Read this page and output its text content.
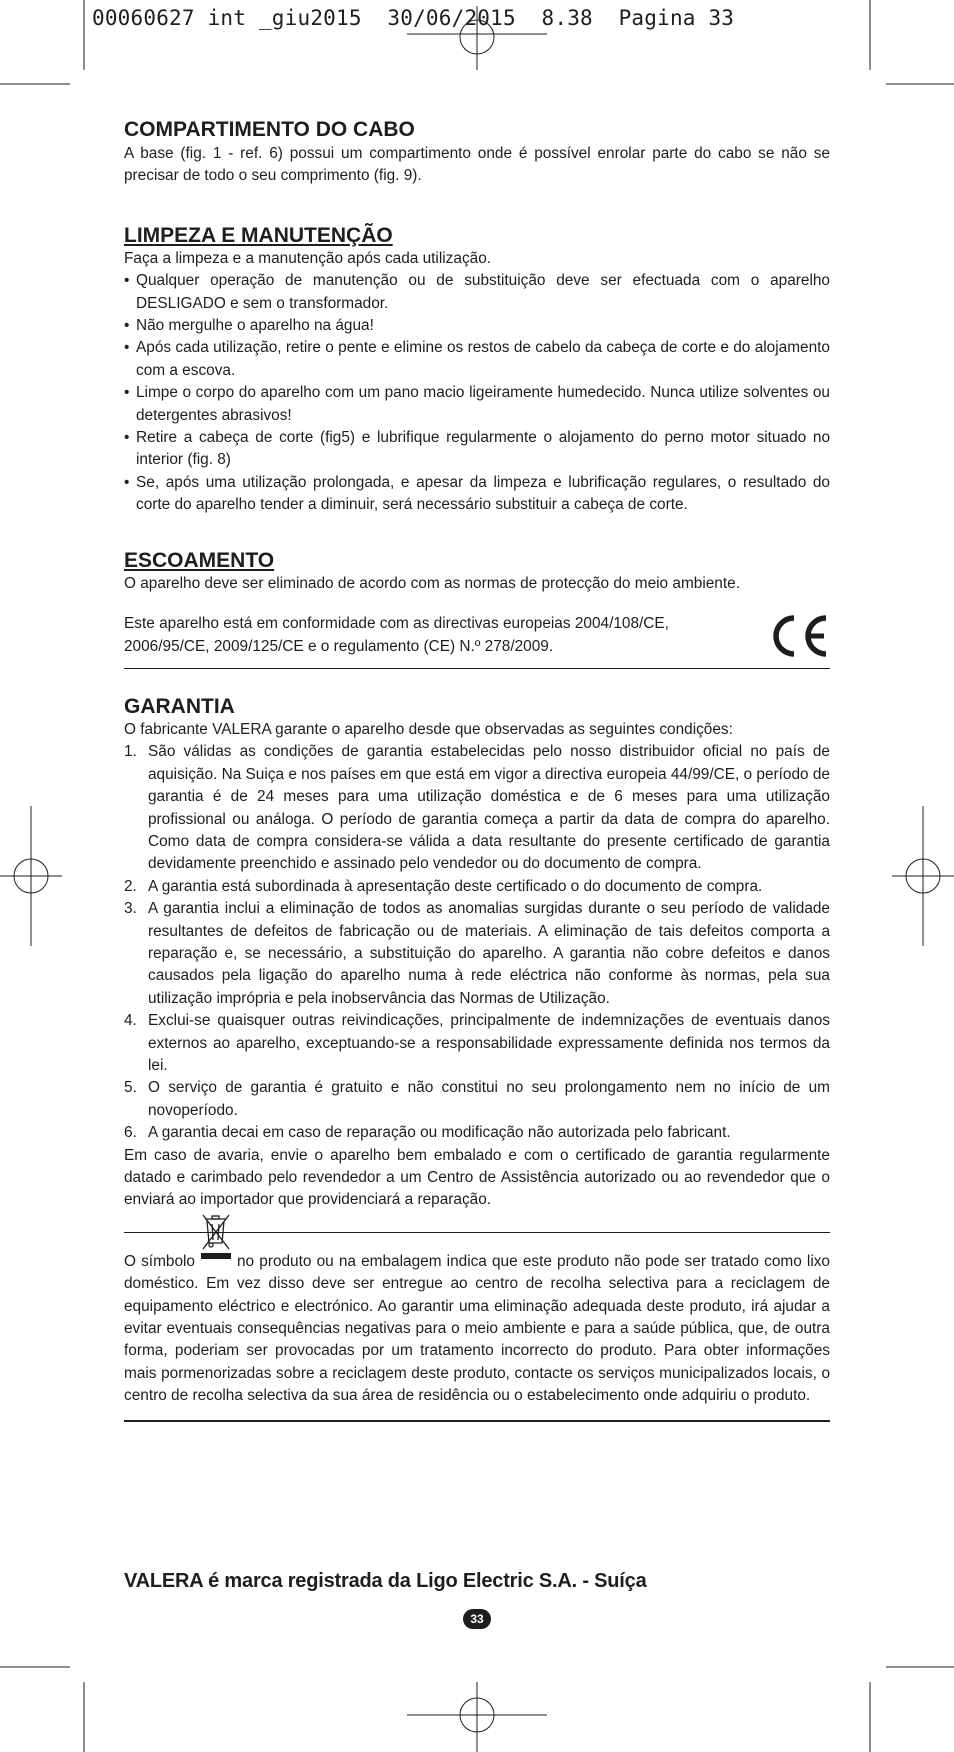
00060627 int _giu2015  30/06/2015  8.38  Pagina 33
COMPARTIMENTO DO CABO

A base (fig. 1 - ref. 6) possui um compartimento onde é possível enrolar parte do cabo se não se precisar de todo o seu comprimento (fig. 9).

LIMPEZA E MANUTENÇÃO

Faça a limpeza e a manutenção após cada utilização.

• Qualquer operação de manutenção ou de substituição deve ser efectuada com o aparelho DESLIGADO e sem o transformador.
• Não mergulhe o aparelho na água!
• Após cada utilização, retire o pente e elimine os restos de cabelo da cabeça de corte e do alojamento com a escova.
• Limpe o corpo do aparelho com um pano macio ligeiramente humedecido. Nunca utilize solventes ou detergentes abrasivos!
• Retire a cabeça de corte (fig5) e lubrifique regularmente o alojamento do perno motor situado no interior (fig. 8)
• Se, após uma utilização prolongada, e apesar da limpeza e lubrificação regulares, o resultado do corte do aparelho tender a diminuir, será necessário substituir a cabeça de corte.
ESCOAMENTO

O aparelho deve ser eliminado de acordo com as normas de protecção do meio ambiente.

Este aparelho está em conformidade com as directivas europeias 2004/108/CE,
2006/95/CE, 2009/125/CE e o regulamento (CE) N.º 278/2009.
GARANTIA

O fabricante VALERA garante o aparelho desde que observadas as seguintes condições:

1. São válidas as condições de garantia estabelecidas pelo nosso distribuidor oficial no país de aquisição. Na Suiça e nos países em que está em vigor a directiva europeia 44/99/CE, o período de garantia é de 24 meses para uma utilização doméstica e de 6 meses para uma utilização profissional ou análoga. O período de garantia começa a partir da data de compra do aparelho. Como data de compra considera-se válida a data resultante do presente certificado de garantia devidamente preenchido e assinado pelo vendedor ou do documento de compra.
2. A garantia está subordinada à apresentação deste certificado o do documento de compra.
3. A garantia inclui a eliminação de todos as anomalias surgidas durante o seu período de validade resultantes de defeitos de fabricação ou de materiais. A eliminação de tais defeitos comporta a reparação e, se necessário, a substituição do aparelho. A garantia não cobre defeitos e danos causados pela ligação do aparelho numa à rede eléctrica não conforme às normas, pela sua utilização imprópria e pela inobservância das Normas de Utilização.
4. Exclui-se quaisquer outras reivindicações, principalmente de indemnizações de eventuais danos externos ao aparelho, exceptuando-se a responsabilidade expressamente definida nos termos da lei.
5. O serviço de garantia é gratuito e não constitui no seu prolongamento nem no início de um novoperíodo.
6. A garantia decai em caso de reparação ou modificação não autorizada pelo fabricant.

Em caso de avaria, envie o aparelho bem embalado e com o certificado de garantia regularmente datado e carimbado pelo revendedor a um Centro de Assistência autorizado ou ao revendedor que o enviará ao importador que providenciará a reparação.

O símbolo	no produto ou na embalagem indica que este produto não pode ser tratado como lixo doméstico. Em vez disso deve ser entregue ao centro de recolha selectiva para a reciclagem de equipamento eléctrico e electrónico. Ao garantir uma eliminação adequada deste produto, irá ajudar a evitar eventuais consequências negativas para o meio ambiente e para a saúde pública, que, de outra forma, poderiam ser provocadas por um tratamento incorrecto do produto. Para obter informações mais pormenorizadas sobre a reciclagem deste produto, contacte os serviços municipalizados locais, o centro de recolha selectiva da sua área de residência ou o estabelecimento onde adquiriu o produto.

VALERA é marca registrada da Ligo Electric S.A. - Suíça
33
